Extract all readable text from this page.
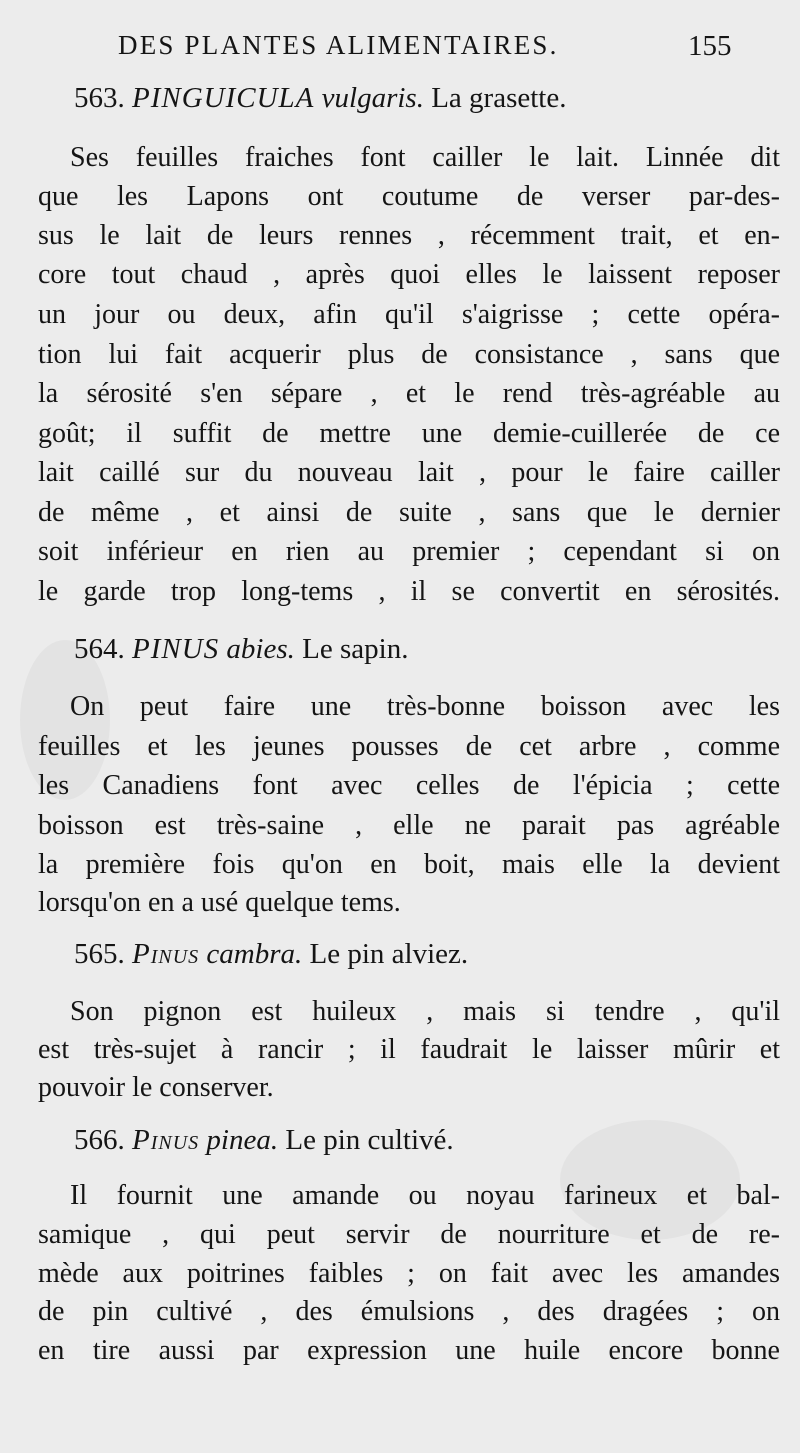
DES PLANTES ALIMENTAIRES.	155
563. PINGUICULA vulgaris. La grasette.
Ses feuilles fraiches font cailler le lait. Linnée dit
que les Lapons ont coutume de verser par-des-
sus le lait de leurs rennes , récemment trait, et en-
core tout chaud , après quoi elles le laissent reposer
un jour ou deux, afin qu'il s'aigrisse ; cette opéra-
tion lui fait acquerir plus de consistance , sans que
la sérosité s'en sépare , et le rend très-agréable au
goût; il suffit de mettre une demie-cuillerée de ce
lait caillé sur du nouveau lait , pour le faire cailler
de même , et ainsi de suite , sans que le dernier
soit inférieur en rien au premier ; cependant si on
le garde trop long-tems , il se convertit en sérosités.
564. PINUS abies. Le sapin.
On peut faire une très-bonne boisson avec les
feuilles et les jeunes pousses de cet arbre , comme
les Canadiens font avec celles de l'épicia ; cette
boisson est très-saine , elle ne parait pas agréable
la première fois qu'on en boit, mais elle la devient
lorsqu'on en a usé quelque tems.
565. Pinus cambra. Le pin alviez.
Son pignon est huileux , mais si tendre , qu'il
est très-sujet à rancir ; il faudrait le laisser mûrir et
pouvoir le conserver.
566. Pinus pinea. Le pin cultivé.
Il fournit une amande ou noyau farineux et bal-
samique , qui peut servir de nourriture et de re-
mède aux poitrines faibles ; on fait avec les amandes
de pin cultivé , des émulsions , des dragées ; on
en tire aussi par expression une huile encore bonne
